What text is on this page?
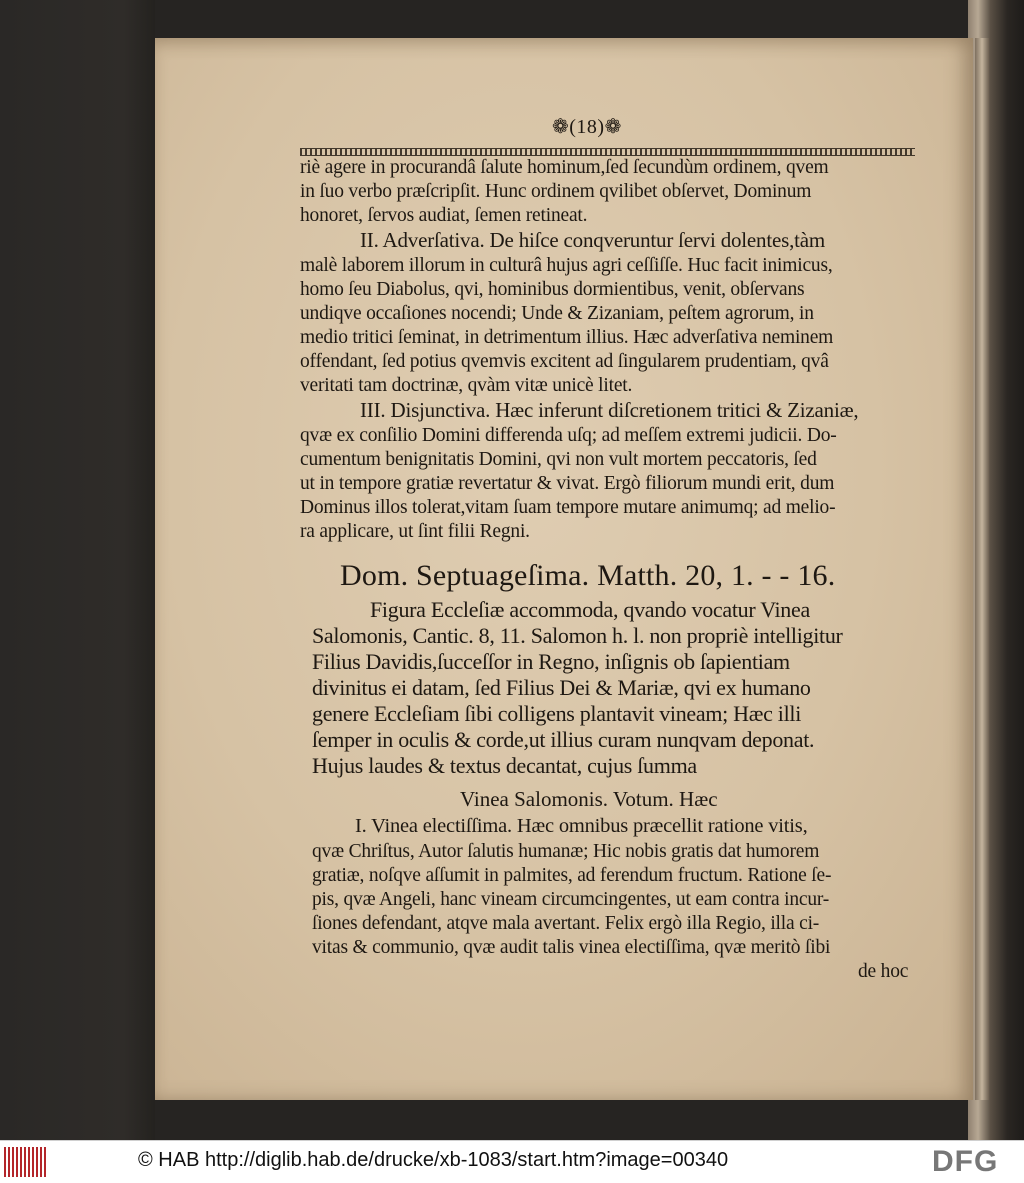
❁(18)❁
riè agere in procurandâ ſalute hominum,ſed ſecundùm ordinem, qvem
in ſuo verbo præſcripſit. Hunc ordinem qvilibet obſervet, Dominum
honoret, ſervos audiat, ſemen retineat.
II. Adverſativa. De hiſce conqveruntur ſervi dolentes,tàm
malè laborem illorum in culturâ hujus agri ceſſiſſe. Huc facit inimicus,
homo ſeu Diabolus, qvi, hominibus dormientibus, venit, obſervans
undiqve occaſiones nocendi; Unde & Zizaniam, peſtem agrorum, in
medio tritici ſeminat, in detrimentum illius. Hæc adverſativa neminem
offendant, ſed potius qvemvis excitent ad ſingularem prudentiam, qvâ
veritati tam doctrinæ, qvàm vitæ unicè litet.
III. Disjunctiva. Hæc inferunt diſcretionem tritici & Zizaniæ,
qvæ ex conſilio Domini differenda uſq; ad meſſem extremi judicii. Do-
cumentum benignitatis Domini, qvi non vult mortem peccatoris, ſed
ut in tempore gratiæ revertatur & vivat. Ergò filiorum mundi erit, dum
Dominus illos tolerat,vitam ſuam tempore mutare animumq; ad melio-
ra applicare, ut ſint filii Regni.
Dom. Septuageſima. Matth. 20, 1. - - 16.
Figura Eccleſiæ accommoda, qvando vocatur Vinea
Salomonis, Cantic. 8, 11. Salomon h. l. non propriè intelligitur
Filius Davidis,ſucceſſor in Regno, inſignis ob ſapientiam
divinitus ei datam, ſed Filius Dei & Mariæ, qvi ex humano
genere Eccleſiam ſibi colligens plantavit vineam; Hæc illi
ſemper in oculis & corde,ut illius curam nunqvam deponat.
Hujus laudes & textus decantat, cujus ſumma
Vinea Salomonis. Votum. Hæc
I. Vinea electiſſima. Hæc omnibus præcellit ratione vitis,
qvæ Chriſtus, Autor ſalutis humanæ; Hic nobis gratis dat humorem
gratiæ, noſqve aſſumit in palmites, ad ferendum fructum. Ratione ſe-
pis, qvæ Angeli, hanc vineam circumcingentes, ut eam contra incur-
ſiones defendant, atqve mala avertant. Felix ergò illa Regio, illa ci-
vitas & communio, qvæ audit talis vinea electiſſima, qvæ meritò ſibi
de hoc
© HAB http://diglib.hab.de/drucke/xb-1083/start.htm?image=00340	DFG
